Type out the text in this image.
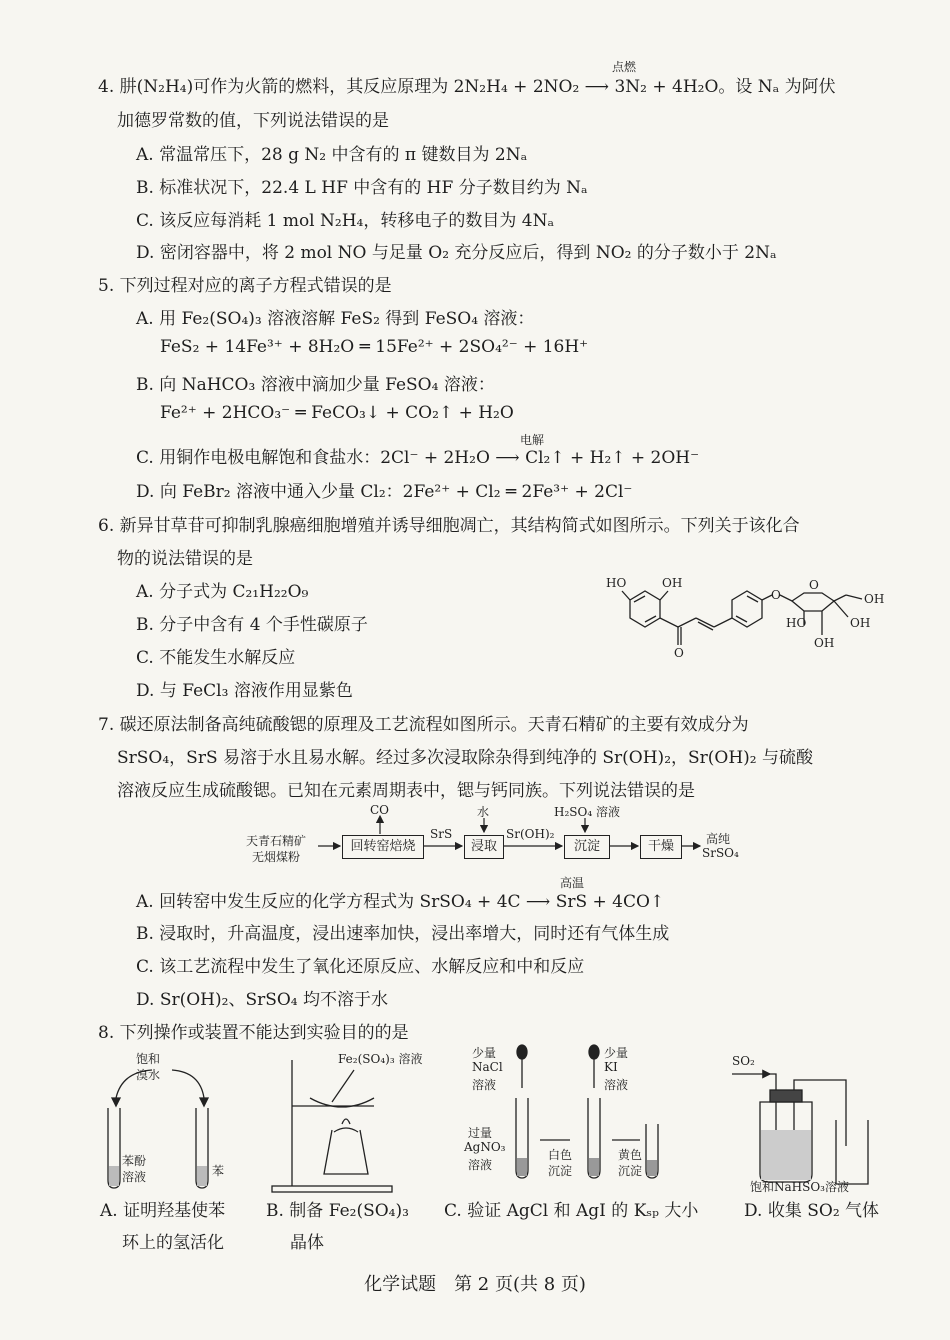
4. 肼(N₂H₄)可作为火箭的燃料，其反应原理为 2N₂H₄ + 2NO₂ ⟶ 3N₂ + 4H₂O。设 Nₐ 为阿伏
点燃
加德罗常数的值，下列说法错误的是
A. 常温常压下，28 g N₂ 中含有的 π 键数目为 2Nₐ
B. 标准状况下，22.4 L HF 中含有的 HF 分子数目约为 Nₐ
C. 该反应每消耗 1 mol N₂H₄，转移电子的数目为 4Nₐ
D. 密闭容器中，将 2 mol NO 与足量 O₂ 充分反应后，得到 NO₂ 的分子数小于 2Nₐ
5. 下列过程对应的离子方程式错误的是
A. 用 Fe₂(SO₄)₃ 溶液溶解 FeS₂ 得到 FeSO₄ 溶液：
FeS₂ + 14Fe³⁺ + 8H₂O ═ 15Fe²⁺ + 2SO₄²⁻ + 16H⁺
B. 向 NaHCO₃ 溶液中滴加少量 FeSO₄ 溶液：
Fe²⁺ + 2HCO₃⁻ ═ FeCO₃↓ + CO₂↑ + H₂O
C. 用铜作电极电解饱和食盐水：2Cl⁻ + 2H₂O ⟶ Cl₂↑ + H₂↑ + 2OH⁻
电解
D. 向 FeBr₂ 溶液中通入少量 Cl₂：2Fe²⁺ + Cl₂ ═ 2Fe³⁺ + 2Cl⁻
6. 新异甘草苷可抑制乳腺癌细胞增殖并诱导细胞凋亡，其结构简式如图所示。下列关于该化合
物的说法错误的是
A. 分子式为 C₂₁H₂₂O₉
B. 分子中含有 4 个手性碳原子
C. 不能发生水解反应
D. 与 FeCl₃ 溶液作用显紫色
HO	OH
O
O
O
OH
HO	OH
OH
7. 碳还原法制备高纯硫酸锶的原理及工艺流程如图所示。天青石精矿的主要有效成分为
SrSO₄，SrS 易溶于水且易水解。经过多次浸取除杂得到纯净的 Sr(OH)₂，Sr(OH)₂ 与硫酸
溶液反应生成硫酸锶。已知在元素周期表中，锶与钙同族。下列说法错误的是
天青石精矿
无烟煤粉
回转窑焙烧
CO
SrS
浸取
水
Sr(OH)₂
沉淀
H₂SO₄ 溶液
干燥	高纯
SrSO₄
A. 回转窑中发生反应的化学方程式为 SrSO₄ + 4C ⟶ SrS + 4CO↑
高温
B. 浸取时，升高温度，浸出速率加快，浸出率增大，同时还有气体生成
C. 该工艺流程中发生了氧化还原反应、水解反应和中和反应
D. Sr(OH)₂、SrSO₄ 均不溶于水
8. 下列操作或装置不能达到实验目的的是
饱和
溴水
苯酚
溶液	苯
A. 证明羟基使苯
环上的氢活化
Fe₂(SO₄)₃ 溶液
B. 制备 Fe₂(SO₄)₃
晶体
少量
NaCl
溶液
少量
KI
溶液
过量
AgNO₃
溶液
白色
沉淀
黄色
沉淀
C. 验证 AgCl 和 AgI 的 Kₛₚ 大小
SO₂
饱和NaHSO₃溶液
D. 收集 SO₂ 气体
化学试题　第 2 页(共 8 页)
